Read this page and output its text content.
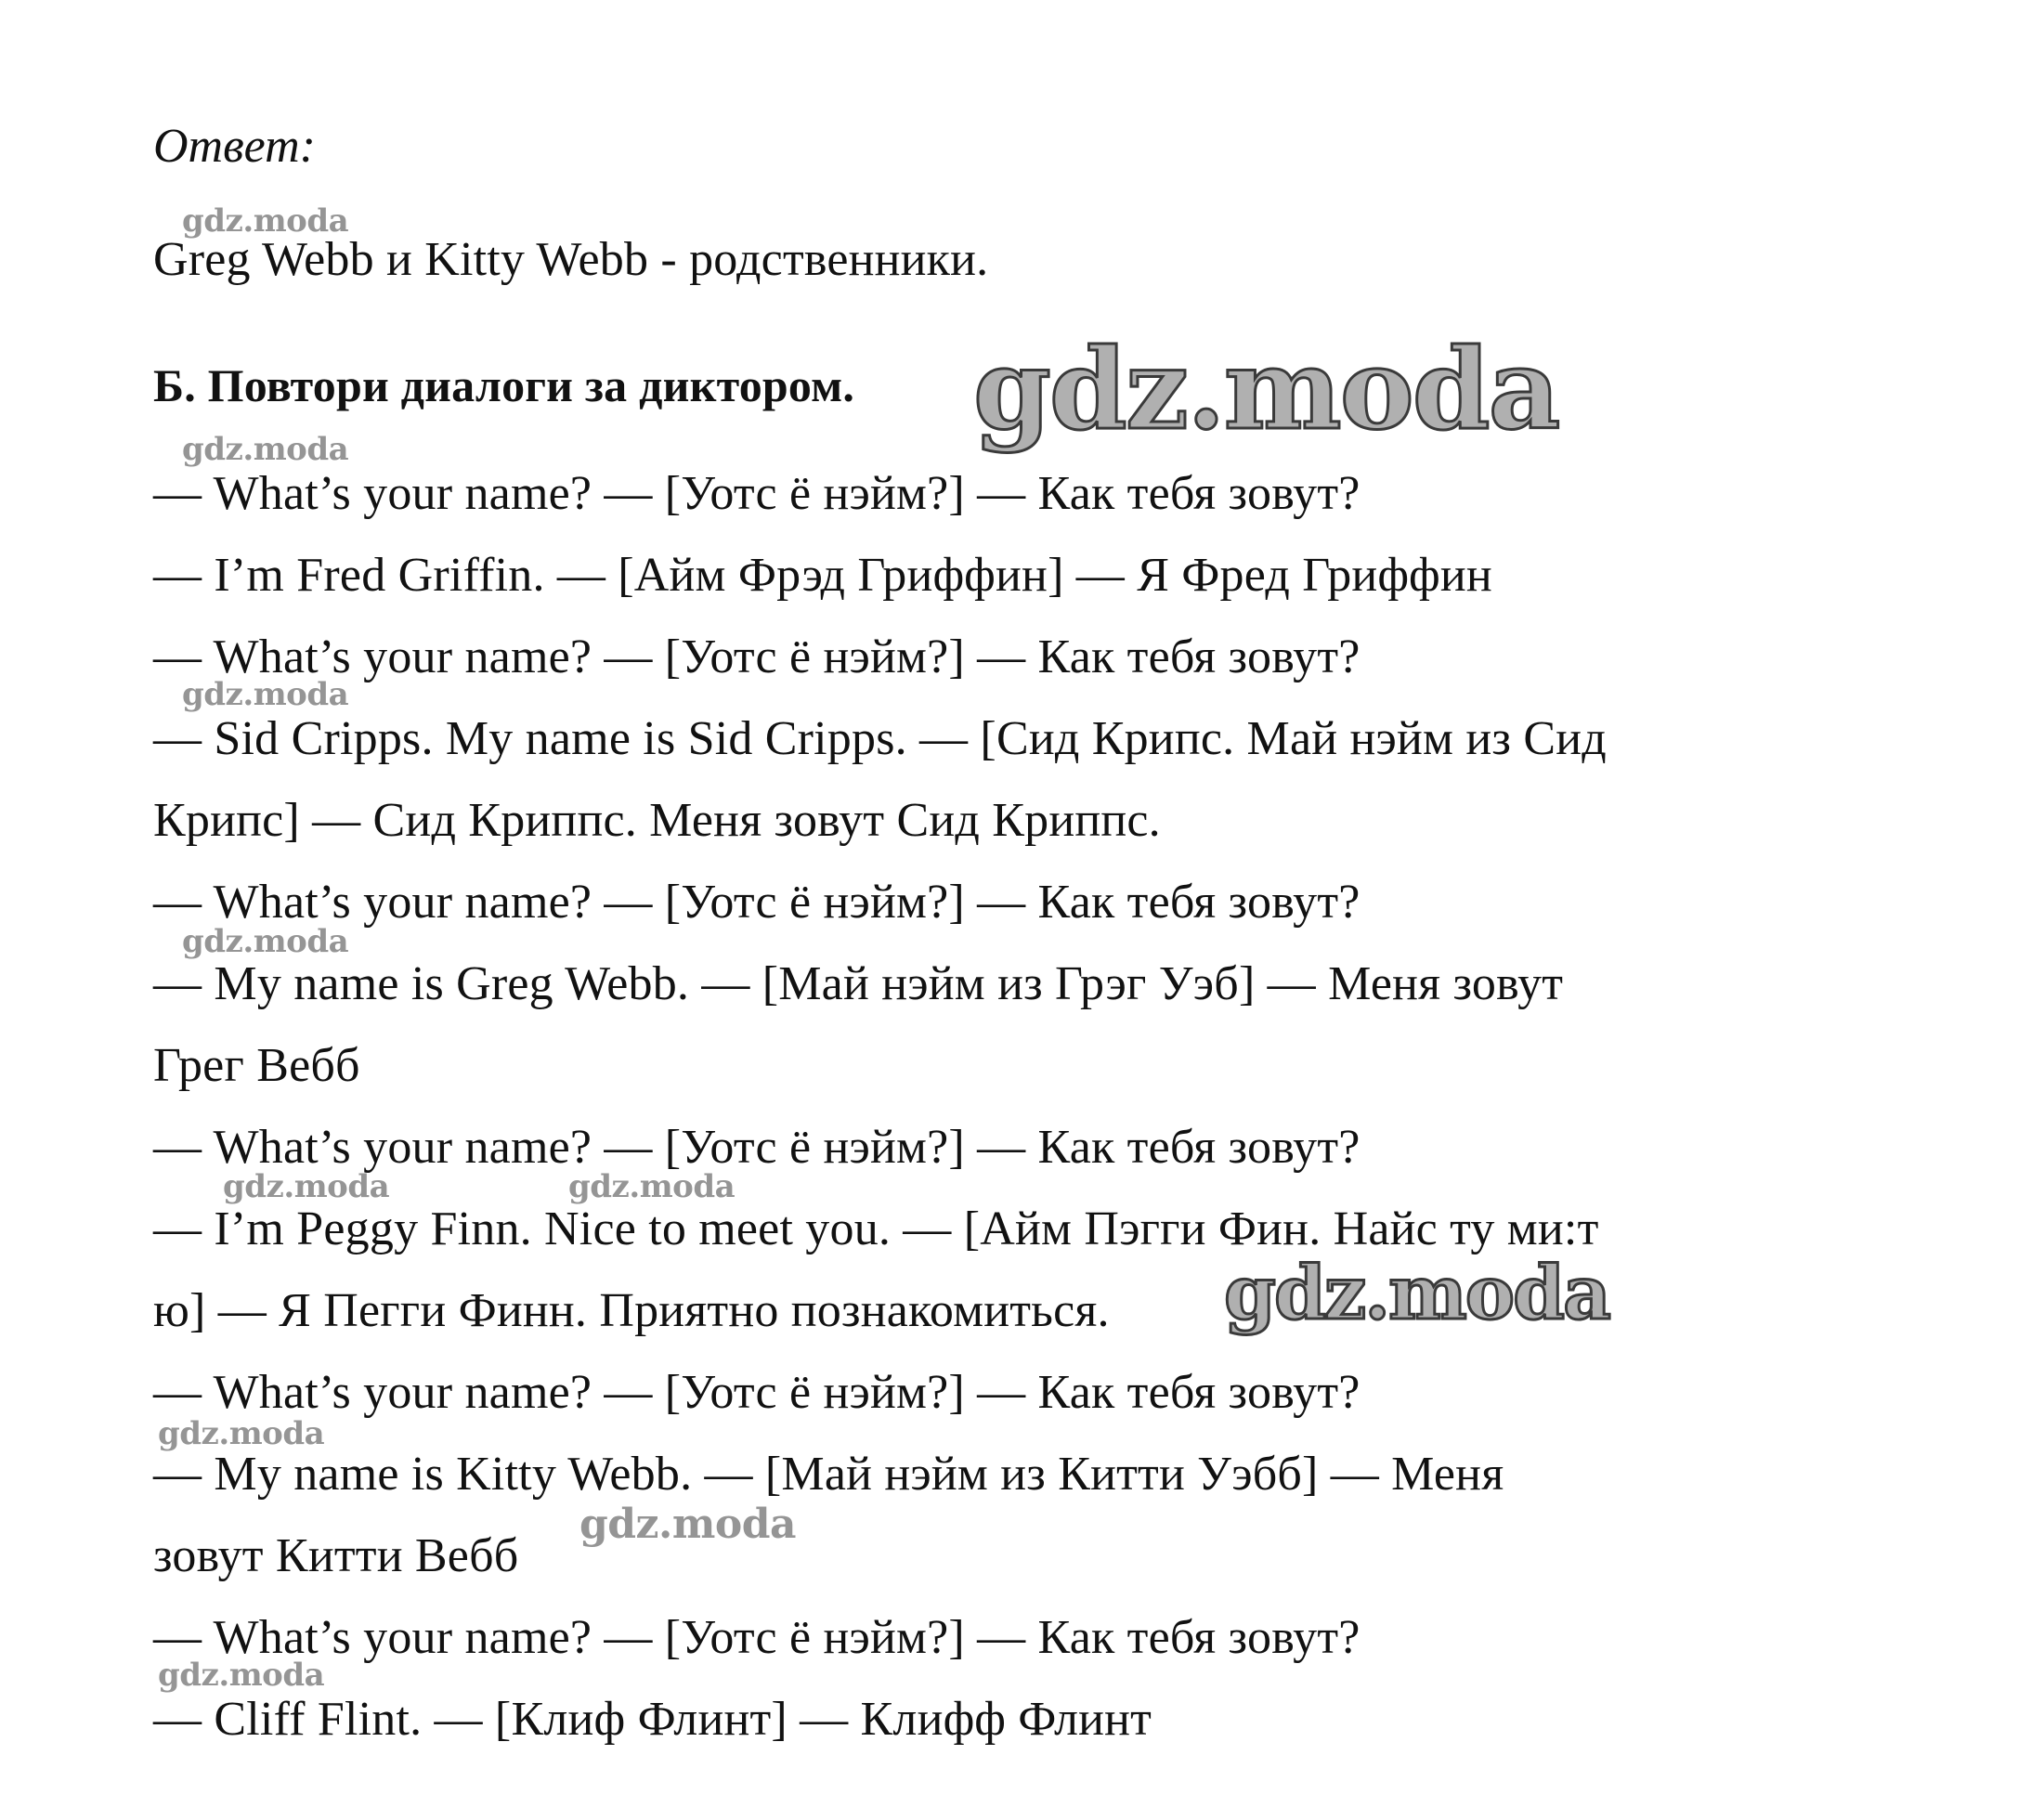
Ответ:
gdz.moda
Greg Webb и Kitty Webb - родственники.
Б. Повтори диалоги за диктором. gdz.moda
gdz.moda
— What’s your name? — [Уотс ё нэйм?] — Как тебя зовут?
— I’m Fred Griffin. — [Айм Фрэд Гриффин] — Я Фред Гриффин
— What’s your name? — [Уотс ё нэйм?] — Как тебя зовут?
gdz.moda
— Sid Cripps. My name is Sid Cripps. — [Сид Крипс. Май нэйм из Сид
Крипс] — Сид Криппс. Меня зовут Сид Криппс.
— What’s your name? — [Уотс ё нэйм?] — Как тебя зовут?
gdz.moda
— My name is Greg Webb. — [Май нэйм из Грэг Уэб] — Меня зовут
Грег Вебб
— What’s your name? — [Уотс ё нэйм?] — Как тебя зовут?
gdz.moda	gdz.moda
— I’m Peggy Finn. Nice to meet you. — [Айм Пэгги Фин. Найс ту ми:т
ю] — Я Пегги Финн. Приятно познакомиться. gdz.moda
— What’s your name? — [Уотс ё нэйм?] — Как тебя зовут?
gdz.moda
— My name is Kitty Webb. — [Май нэйм из Китти Уэбб] — Меня
зовут Китти Вебб
gdz.moda
— What’s your name? — [Уотс ё нэйм?] — Как тебя зовут?
gdz.moda
— Cliff Flint. — [Клиф Флинт] — Клифф Флинт
